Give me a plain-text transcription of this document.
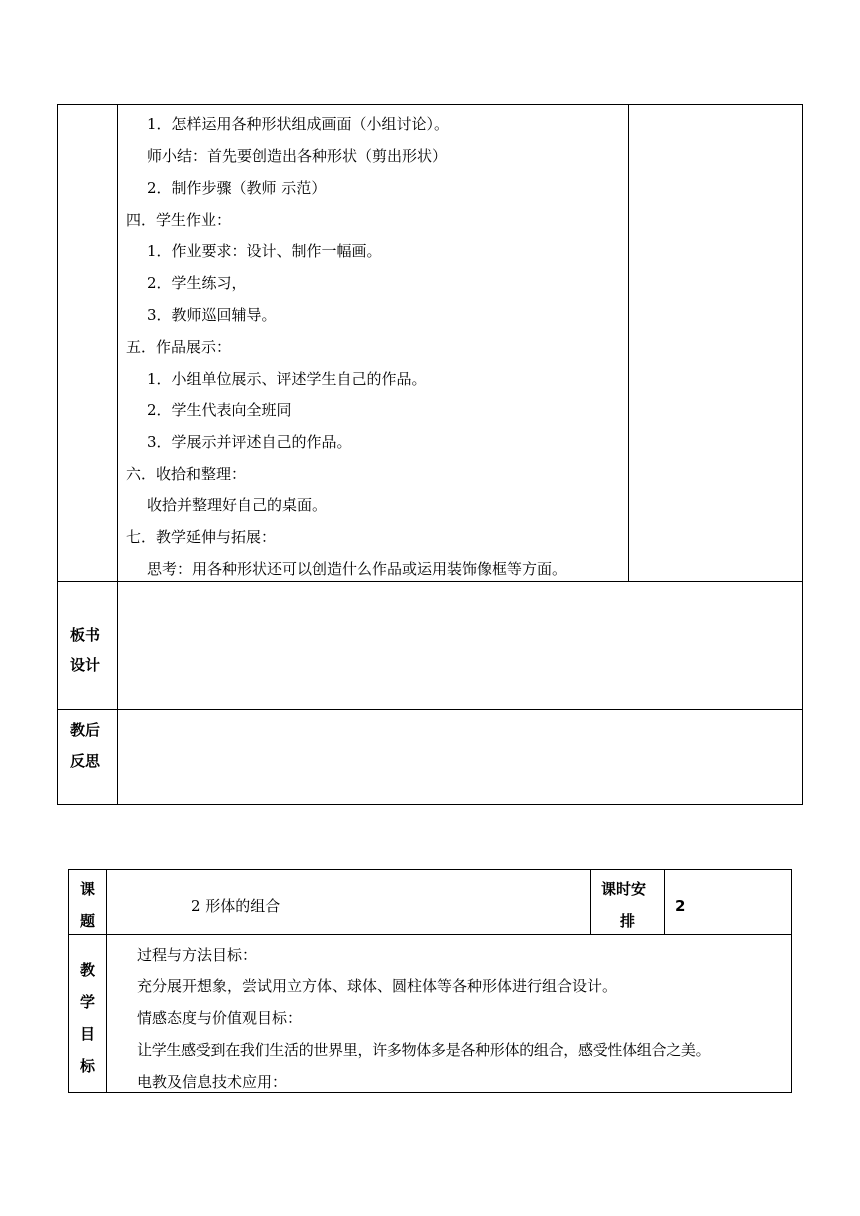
1．怎样运用各种形状组成画面（小组讨论）。
师小结：首先要创造出各种形状（剪出形状）
2．制作步骤（教师 示范）
四．学生作业：
1．作业要求：设计、制作一幅画。
2．学生练习，
3．教师巡回辅导。
五．作品展示：
1．小组单位展示、评述学生自己的作品。
2．学生代表向全班同
3．学展示并评述自己的作品。
六．收拾和整理：
收拾并整理好自己的桌面。
七．教学延伸与拓展：
思考：用各种形状还可以创造什么作品或运用装饰像框等方面。
板书
设计
教后
反思
课
题
2 形体的组合
课时安
排
2
教
学
目
标
过程与方法目标：
充分展开想象，尝试用立方体、球体、圆柱体等各种形体进行组合设计。
情感态度与价值观目标：
让学生感受到在我们生活的世界里，许多物体多是各种形体的组合，感受性体组合之美。
电教及信息技术应用：
